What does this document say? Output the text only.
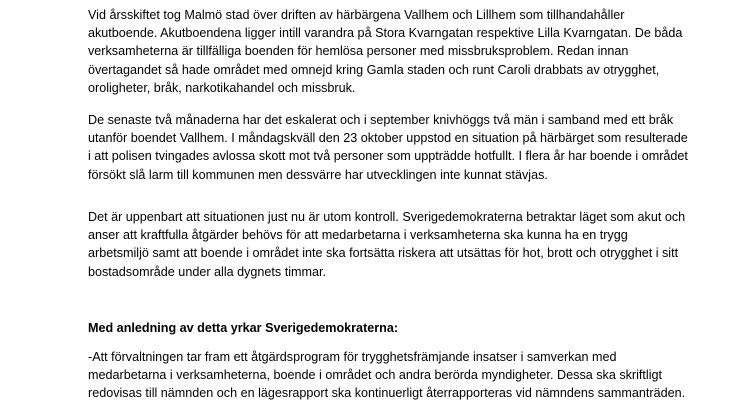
Vid årsskiftet tog Malmö stad över driften av härbärgena Vallhem och Lillhem som tillhandahåller akutboende. Akutboendena ligger intill varandra på Stora Kvarngatan respektive Lilla Kvarngatan. De båda verksamheterna är tillfälliga boenden för hemlösa personer med missbruksproblem. Redan innan övertagandet så hade området med omnejd kring Gamla staden och runt Caroli drabbats av otrygghet, oroligheter, bråk, narkotikahandel och missbruk.

De senaste två månaderna har det eskalerat och i september knivhöggs två män i samband med ett bråk utanför boendet Vallhem. I måndagskväll den 23 oktober uppstod en situation på härbärget som resulterade i att polisen tvingades avlossa skott mot två personer som uppträdde hotfullt. I flera år har boende i området försökt slå larm till kommunen men dessvärre har utvecklingen inte kunnat stävjas.

Det är uppenbart att situationen just nu är utom kontroll. Sverigedemokraterna betraktar läget som akut och anser att kraftfulla åtgärder behövs för att medarbetarna i verksamheterna ska kunna ha en trygg arbetsmiljö samt att boende i området inte ska fortsätta riskera att utsättas för hot, brott och otrygghet i sitt bostadsområde under alla dygnets timmar.

Med anledning av detta yrkar Sverigedemokraterna:

-Att förvaltningen tar fram ett åtgärdsprogram för trygghetsfrämjande insatser i samverkan med medarbetarna i verksamheterna, boende i området och andra berörda myndigheter. Dessa ska skriftligt redovisas till nämnden och en lägesrapport ska kontinuerligt återrapporteras vid nämndens sammanträden.
